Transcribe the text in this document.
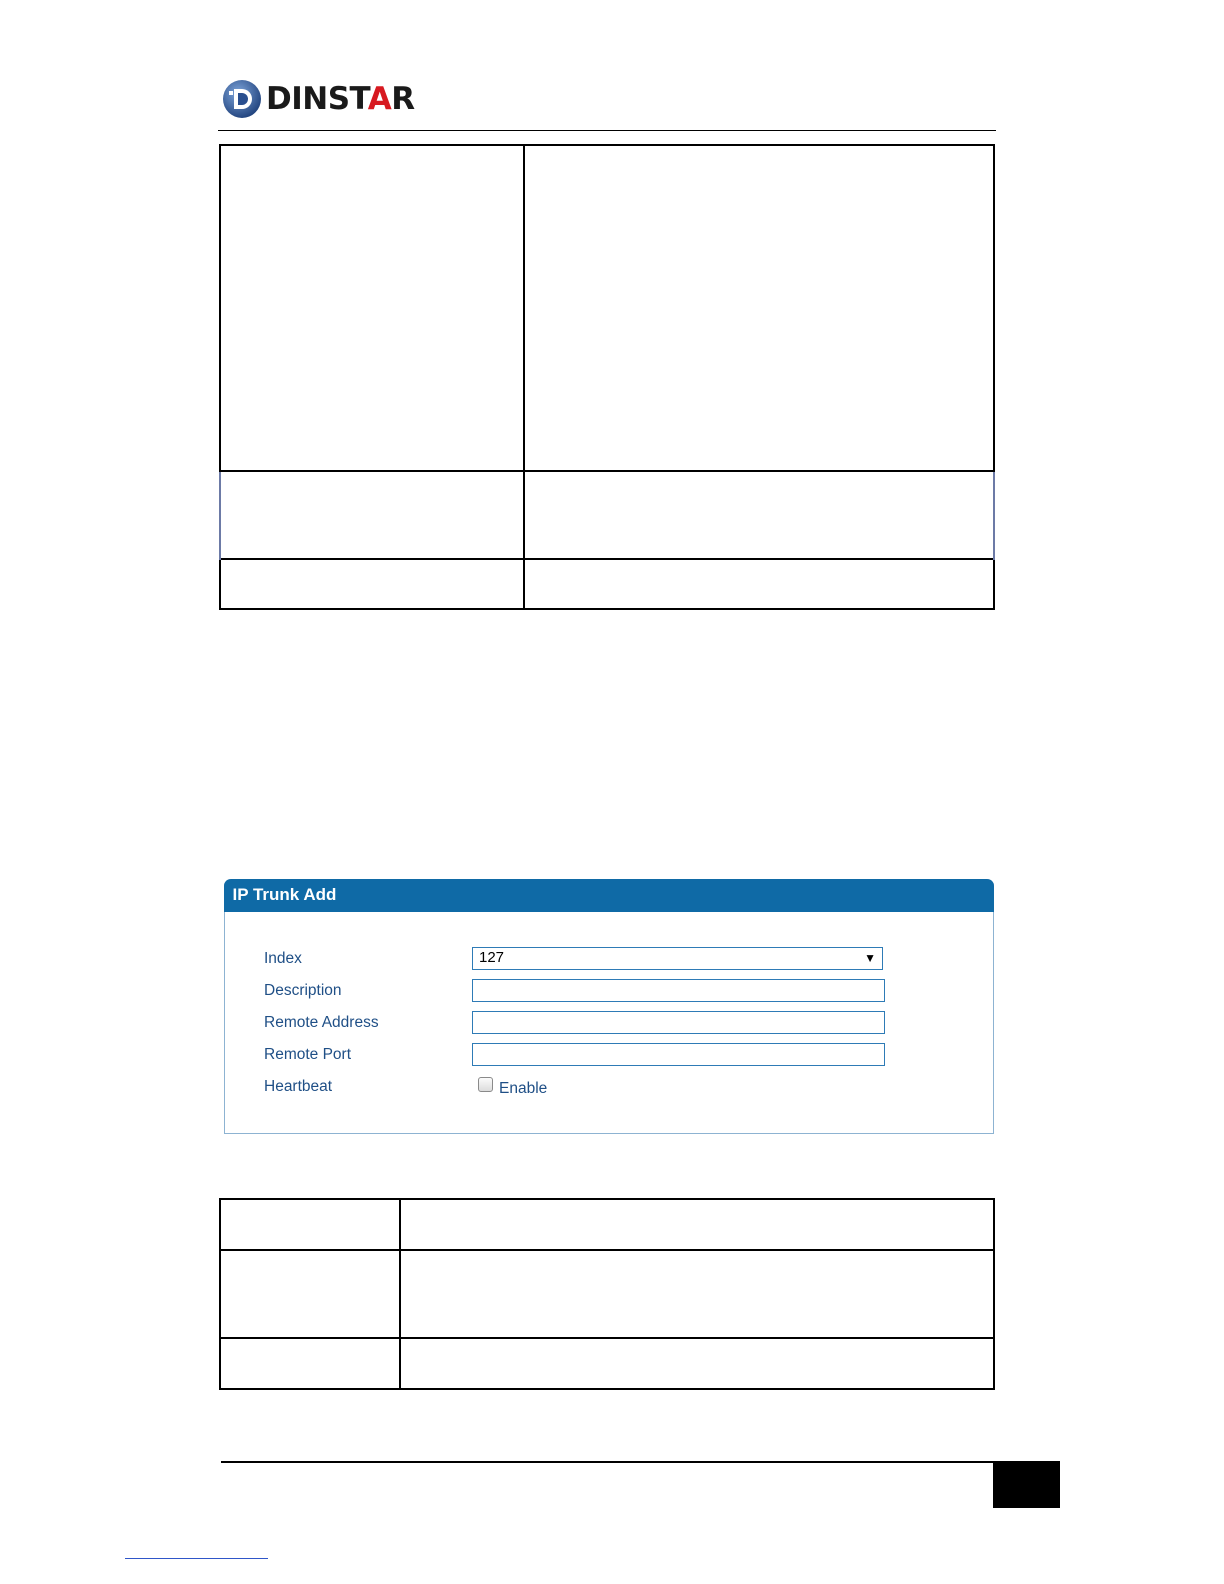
DINSTAR

IP Trunk Add
Index	127	▼
Description
Remote Address
Remote Port
Heartbeat	Enable
